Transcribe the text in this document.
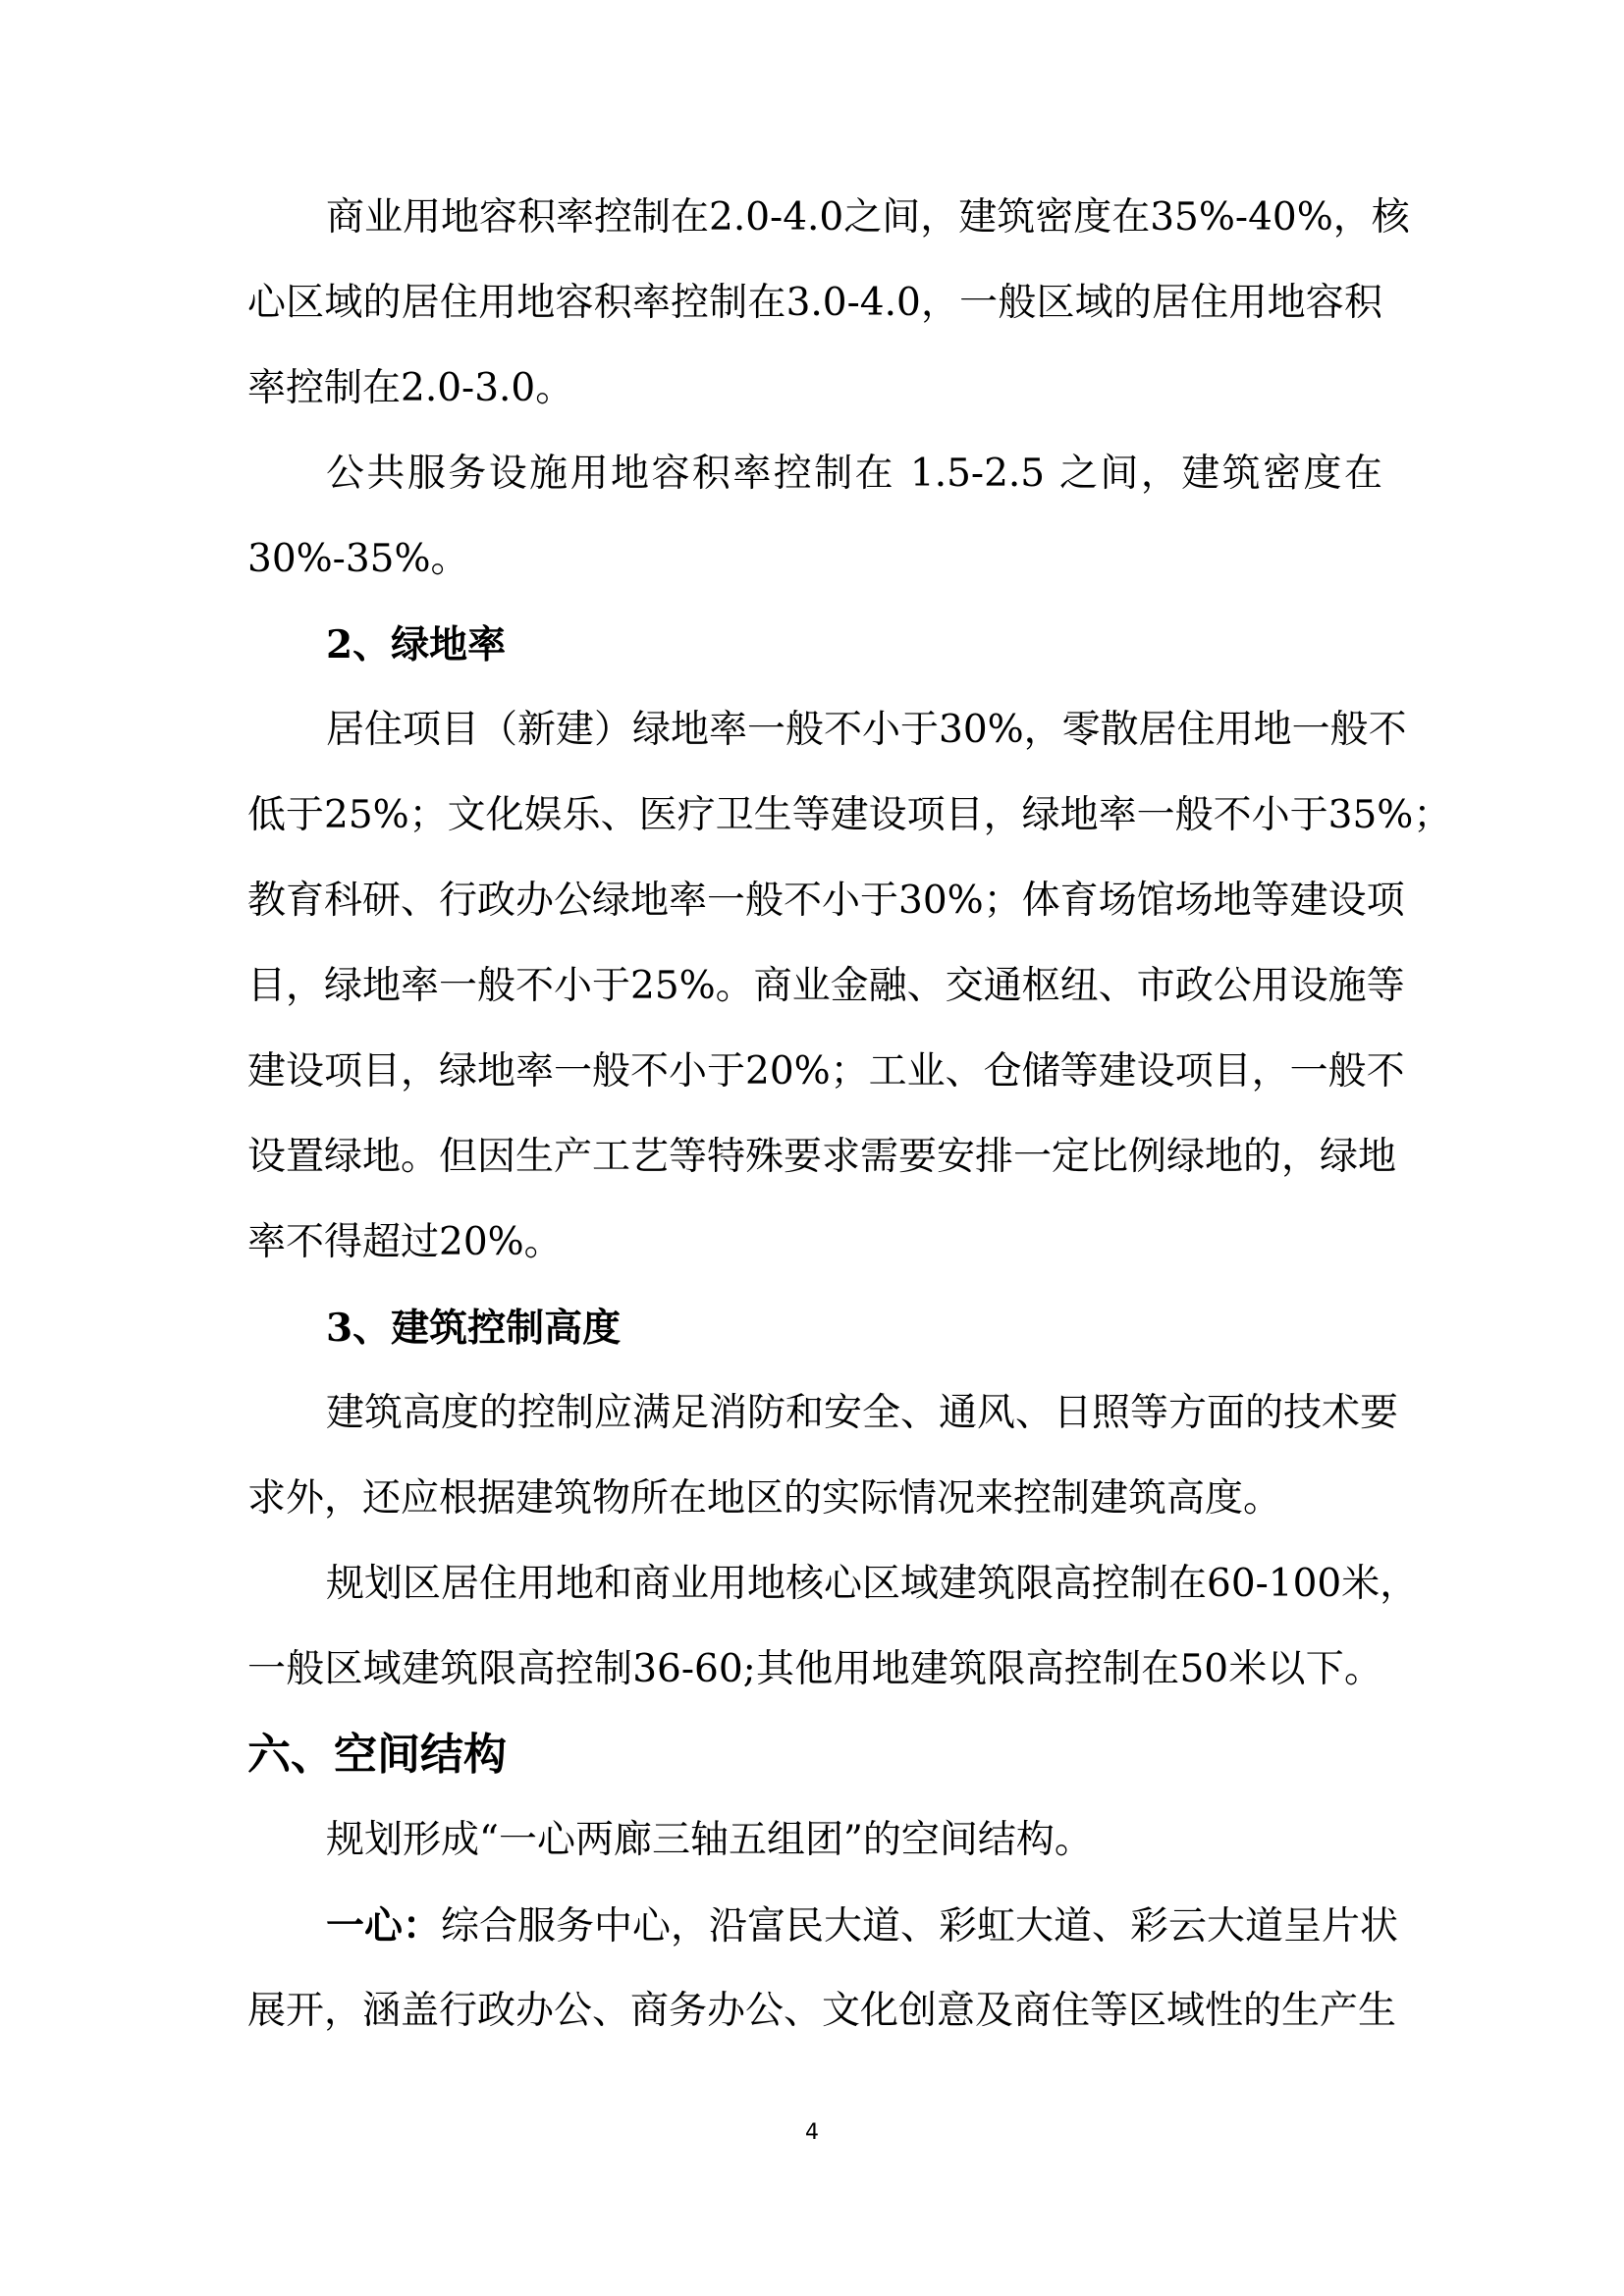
商业用地容积率控制在2.0-4.0之间，建筑密度在35%-40%，核
心区域的居住用地容积率控制在3.0-4.0，一般区域的居住用地容积
率控制在2.0-3.0。
公共服务设施用地容积率控制在 1.5-2.5 之间，建筑密度在
30%-35%。
2、绿地率
居住项目（新建）绿地率一般不小于30%，零散居住用地一般不
低于25%；文化娱乐、医疗卫生等建设项目，绿地率一般不小于35%；
教育科研、行政办公绿地率一般不小于30%；体育场馆场地等建设项
目，绿地率一般不小于25%。商业金融、交通枢纽、市政公用设施等
建设项目，绿地率一般不小于20%；工业、仓储等建设项目，一般不
设置绿地。但因生产工艺等特殊要求需要安排一定比例绿地的，绿地
率不得超过20%。
3、建筑控制高度
建筑高度的控制应满足消防和安全、通风、日照等方面的技术要
求外，还应根据建筑物所在地区的实际情况来控制建筑高度。
规划区居住用地和商业用地核心区域建筑限高控制在60-100米，
一般区域建筑限高控制36-60;其他用地建筑限高控制在50米以下。
六、空间结构
规划形成“一心两廊三轴五组团”的空间结构。
一心：综合服务中心，沿富民大道、彩虹大道、彩云大道呈片状
展开，涵盖行政办公、商务办公、文化创意及商住等区域性的生产生
4
